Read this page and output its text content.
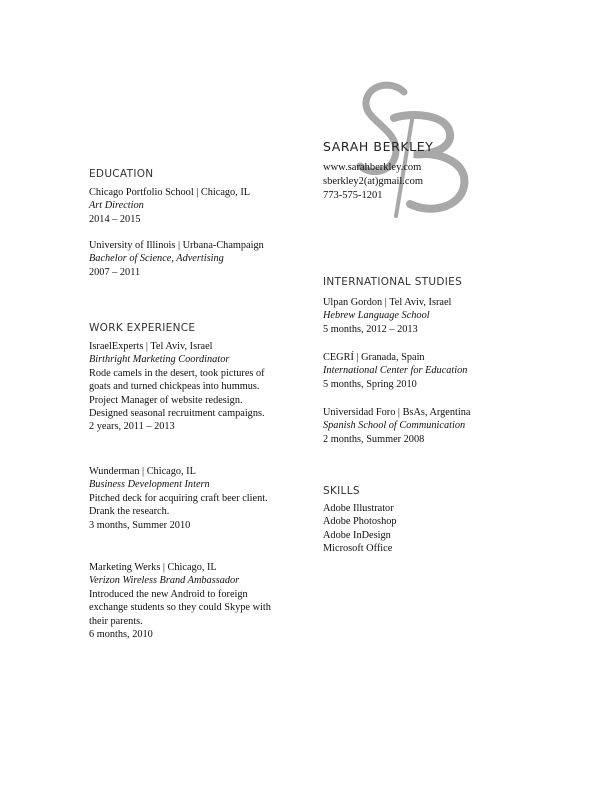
SARAH BERKLEY
www.sarahberkley.com
sberkley2(at)gmail.com
773-575-1201
EDUCATION
Chicago Portfolio School | Chicago, IL
Art Direction
2014 – 2015
University of Illinois | Urbana-Champaign
Bachelor of Science, Advertising
2007 – 2011
WORK EXPERIENCE
IsraelExperts | Tel Aviv, Israel
Birthright Marketing Coordinator
Rode camels in the desert, took pictures of
goats and turned chickpeas into hummus.
Project Manager of website redesign.
Designed seasonal recruitment campaigns.
2 years, 2011 – 2013
Wunderman | Chicago, IL
Business Development Intern
Pitched deck for acquiring craft beer client.
Drank the research.
3 months, Summer 2010
Marketing Werks | Chicago, IL
Verizon Wireless Brand Ambassador
Introduced the new Android to foreign
exchange students so they could Skype with
their parents.
6 months, 2010
INTERNATIONAL STUDIES
Ulpan Gordon | Tel Aviv, Israel
Hebrew Language School
5 months, 2012 – 2013
CEGRÍ | Granada, Spain
International Center for Education
5 months, Spring 2010
Universidad Foro | BsAs, Argentina
Spanish School of Communication
2 months, Summer 2008
SKILLS
Adobe Illustrator
Adobe Photoshop
Adobe InDesign
Microsoft Office
